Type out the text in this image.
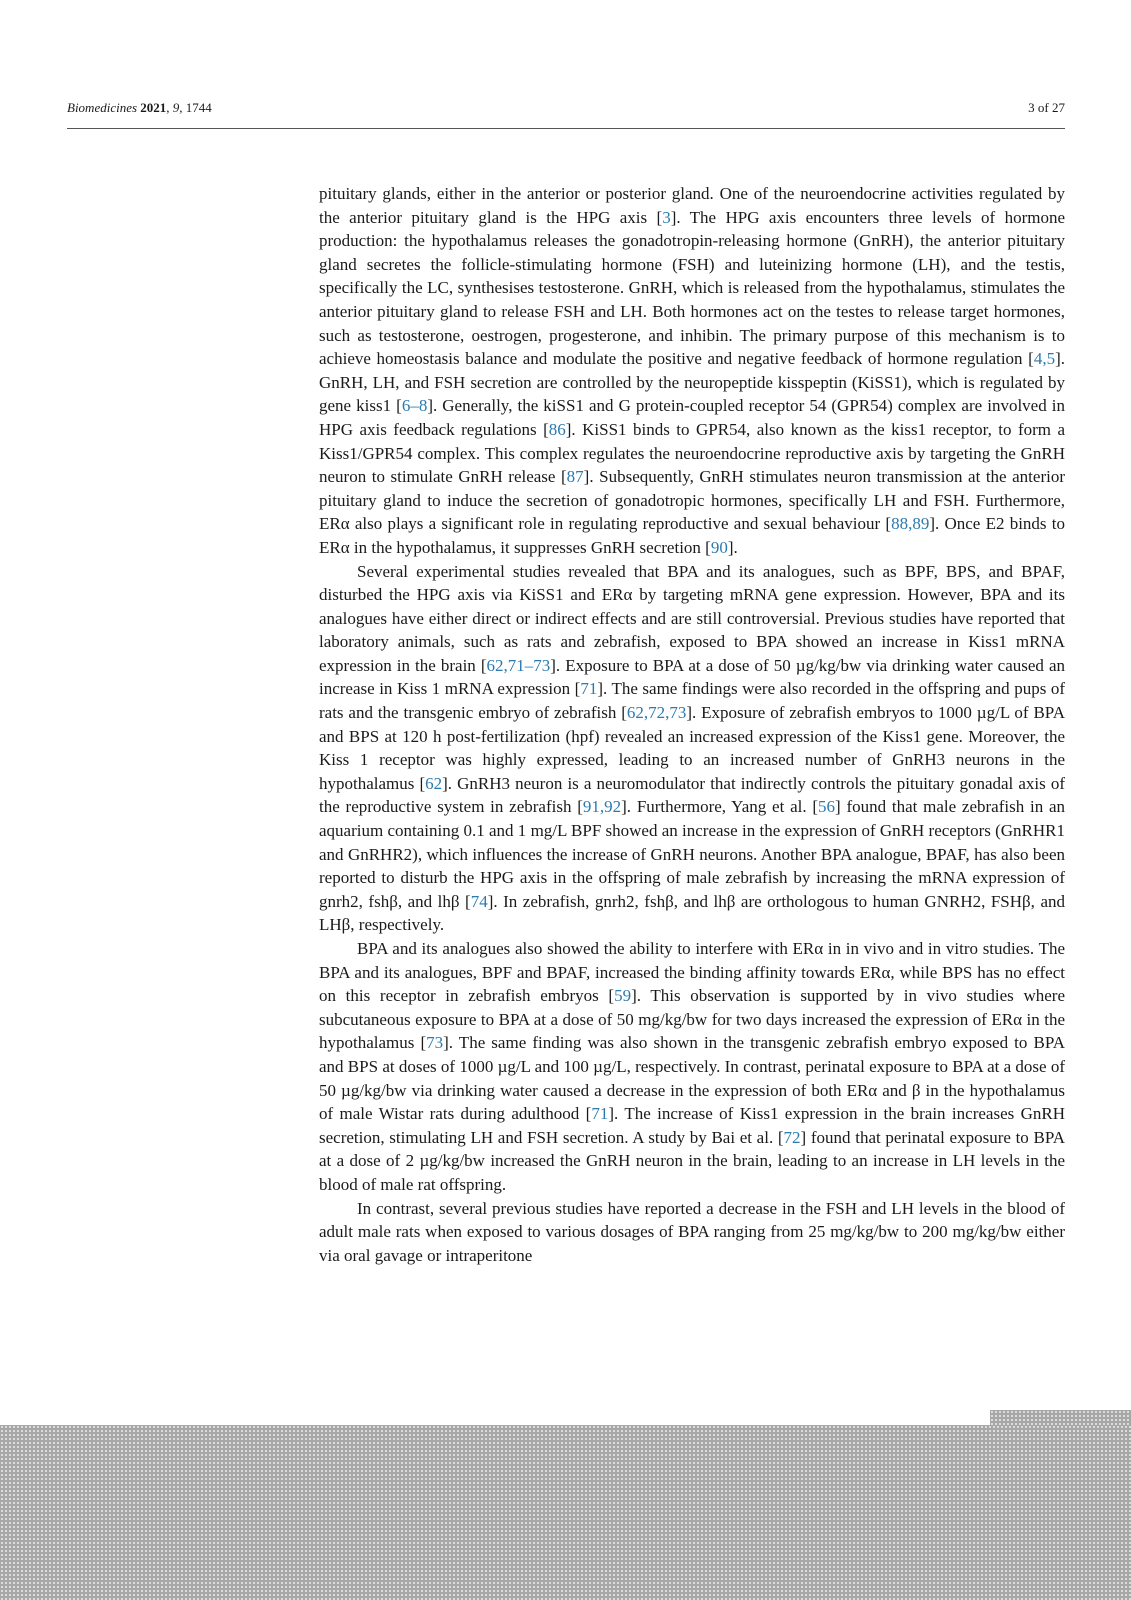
Biomedicines 2021, 9, 1744	3 of 27

pituitary glands, either in the anterior or posterior gland. One of the neuroendocrine activities regulated by the anterior pituitary gland is the HPG axis [3]. The HPG axis encounters three levels of hormone production: the hypothalamus releases the gonadotropin-releasing hormone (GnRH), the anterior pituitary gland secretes the follicle-stimulating hormone (FSH) and luteinizing hormone (LH), and the testis, specifically the LC, synthesises testosterone. GnRH, which is released from the hypothalamus, stimulates the anterior pituitary gland to release FSH and LH. Both hormones act on the testes to release target hormones, such as testosterone, oestrogen, progesterone, and inhibin. The primary purpose of this mechanism is to achieve homeostasis balance and modulate the positive and negative feedback of hormone regulation [4,5]. GnRH, LH, and FSH secretion are controlled by the neuropeptide kisspeptin (KiSS1), which is regulated by gene kiss1 [6–8]. Generally, the kiSS1 and G protein-coupled receptor 54 (GPR54) complex are involved in HPG axis feedback regulations [86]. KiSS1 binds to GPR54, also known as the kiss1 receptor, to form a Kiss1/GPR54 complex. This complex regulates the neuroendocrine reproductive axis by targeting the GnRH neuron to stimulate GnRH release [87]. Subsequently, GnRH stimulates neuron transmission at the anterior pituitary gland to induce the secretion of gonadotropic hormones, specifically LH and FSH. Furthermore, ERα also plays a significant role in regulating reproductive and sexual behaviour [88,89]. Once E2 binds to ERα in the hypothalamus, it suppresses GnRH secretion [90].

Several experimental studies revealed that BPA and its analogues, such as BPF, BPS, and BPAF, disturbed the HPG axis via KiSS1 and ERα by targeting mRNA gene expression. However, BPA and its analogues have either direct or indirect effects and are still controversial. Previous studies have reported that laboratory animals, such as rats and zebrafish, exposed to BPA showed an increase in Kiss1 mRNA expression in the brain [62,71–73]. Exposure to BPA at a dose of 50 µg/kg/bw via drinking water caused an increase in Kiss 1 mRNA expression [71]. The same findings were also recorded in the offspring and pups of rats and the transgenic embryo of zebrafish [62,72,73]. Exposure of zebrafish embryos to 1000 µg/L of BPA and BPS at 120 h post-fertilization (hpf) revealed an increased expression of the Kiss1 gene. Moreover, the Kiss 1 receptor was highly expressed, leading to an increased number of GnRH3 neurons in the hypothalamus [62]. GnRH3 neuron is a neuromodulator that indirectly controls the pituitary gonadal axis of the reproductive system in zebrafish [91,92]. Furthermore, Yang et al. [56] found that male zebrafish in an aquarium containing 0.1 and 1 mg/L BPF showed an increase in the expression of GnRH receptors (GnRHR1 and GnRHR2), which influences the increase of GnRH neurons. Another BPA analogue, BPAF, has also been reported to disturb the HPG axis in the offspring of male zebrafish by increasing the mRNA expression of gnrh2, fshβ, and lhβ [74]. In zebrafish, gnrh2, fshβ, and lhβ are orthologous to human GNRH2, FSHβ, and LHβ, respectively.

BPA and its analogues also showed the ability to interfere with ERα in in vivo and in vitro studies. The BPA and its analogues, BPF and BPAF, increased the binding affinity towards ERα, while BPS has no effect on this receptor in zebrafish embryos [59]. This observation is supported by in vivo studies where subcutaneous exposure to BPA at a dose of 50 mg/kg/bw for two days increased the expression of ERα in the hypothalamus [73]. The same finding was also shown in the transgenic zebrafish embryo exposed to BPA and BPS at doses of 1000 µg/L and 100 µg/L, respectively. In contrast, perinatal exposure to BPA at a dose of 50 µg/kg/bw via drinking water caused a decrease in the expression of both ERα and β in the hypothalamus of male Wistar rats during adulthood [71]. The increase of Kiss1 expression in the brain increases GnRH secretion, stimulating LH and FSH secretion. A study by Bai et al. [72] found that perinatal exposure to BPA at a dose of 2 µg/kg/bw increased the GnRH neuron in the brain, leading to an increase in LH levels in the blood of male rat offspring.

In contrast, several previous studies have reported a decrease in the FSH and LH levels in the blood of adult male rats when exposed to various dosages of BPA ranging from 25 mg/kg/bw to 200 mg/kg/bw either via oral gavage or intraperitone
